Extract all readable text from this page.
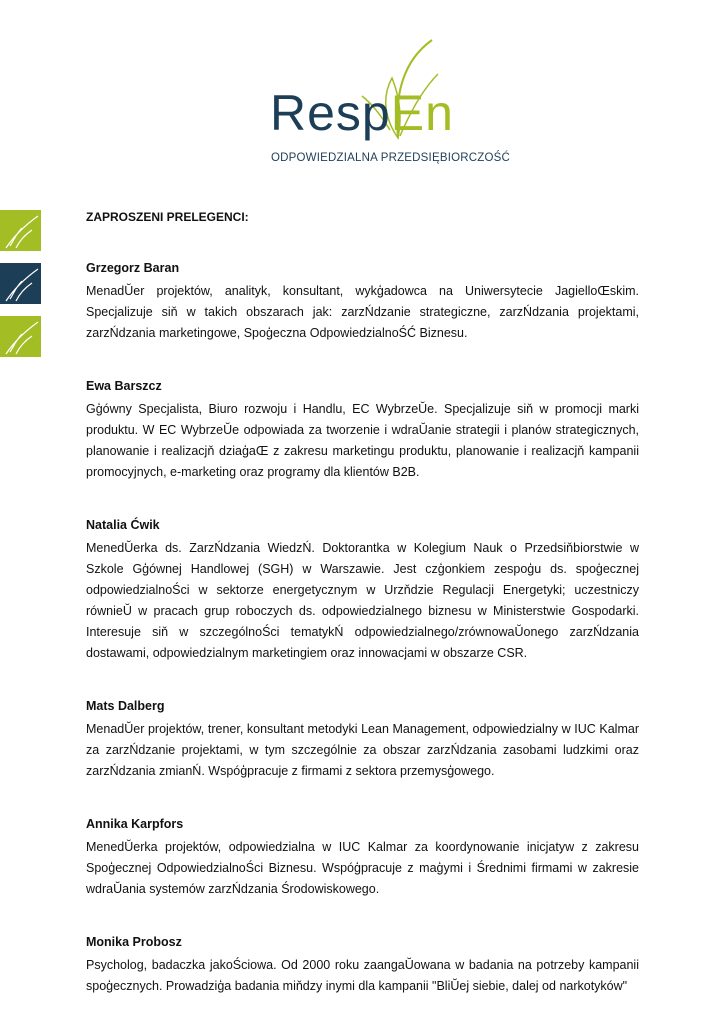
RespEn
ODPOWIEDZIALNA PRZEDSIĘBIORCZOŚĆ

ZAPROSZENI PRELEGENCI:

Grzegorz Baran

MenadŬer projektów, analityk, konsultant, wykģadowca na Uniwersytecie JagielloŒskim. Specjalizuje siň w takich obszarach jak: zarzŃdzanie strategiczne, zarzŃdzania projektami, zarzŃdzania marketingowe, Spoģeczna OdpowiedzialnoŚĆ Biznesu.

Ewa Barszcz

Gģówny Specjalista, Biuro rozwoju i Handlu, EC WybrzeŬe. Specjalizuje siň w promocji marki produktu. W EC WybrzeŬe odpowiada za tworzenie i wdraŬanie strategii i planów strategicznych, planowanie i realizacjň dziaģaŒ z zakresu marketingu produktu, planowanie i realizacjň kampanii promocyjnych, e-marketing oraz programy dla klientów B2B.

Natalia Ćwik

MenedŬerka ds. ZarzŃdzania WiedzŃ. Doktorantka w Kolegium Nauk o Przedsiňbiorstwie w Szkole Gģównej Handlowej (SGH) w Warszawie. Jest czģonkiem zespoģu ds. spoģecznej odpowiedzialnoŚci w sektorze energetycznym w Urzňdzie Regulacji Energetyki; uczestniczy równieŬ w pracach grup roboczych ds. odpowiedzialnego biznesu w Ministerstwie Gospodarki. Interesuje siň w szczególnoŚci tematykŃ odpowiedzialnego/zrównowaŬonego zarzŃdzania dostawami, odpowiedzialnym marketingiem oraz innowacjami w obszarze CSR.

Mats Dalberg

MenadŬer projektów, trener, konsultant metodyki Lean Management, odpowiedzialny w IUC Kalmar za zarzŃdzanie projektami, w tym szczególnie za obszar zarzŃdzania zasobami ludzkimi oraz zarzŃdzania zmianŃ. Wspóģpracuje z firmami z sektora przemysģowego.

Annika Karpfors

MenedŬerka projektów, odpowiedzialna w IUC Kalmar za koordynowanie inicjatyw z zakresu Spoģecznej OdpowiedzialnoŚci Biznesu. Wspóģpracuje z maģymi i Średnimi firmami w zakresie wdraŬania systemów zarzŃdzania Środowiskowego.

Monika Probosz

Psycholog, badaczka jakoŚciowa. Od 2000 roku zaangaŬowana w badania na potrzeby kampanii spoģecznych. Prowadziģa badania miňdzy inymi dla kampanii "BliŬej siebie, dalej od narkotyków"
